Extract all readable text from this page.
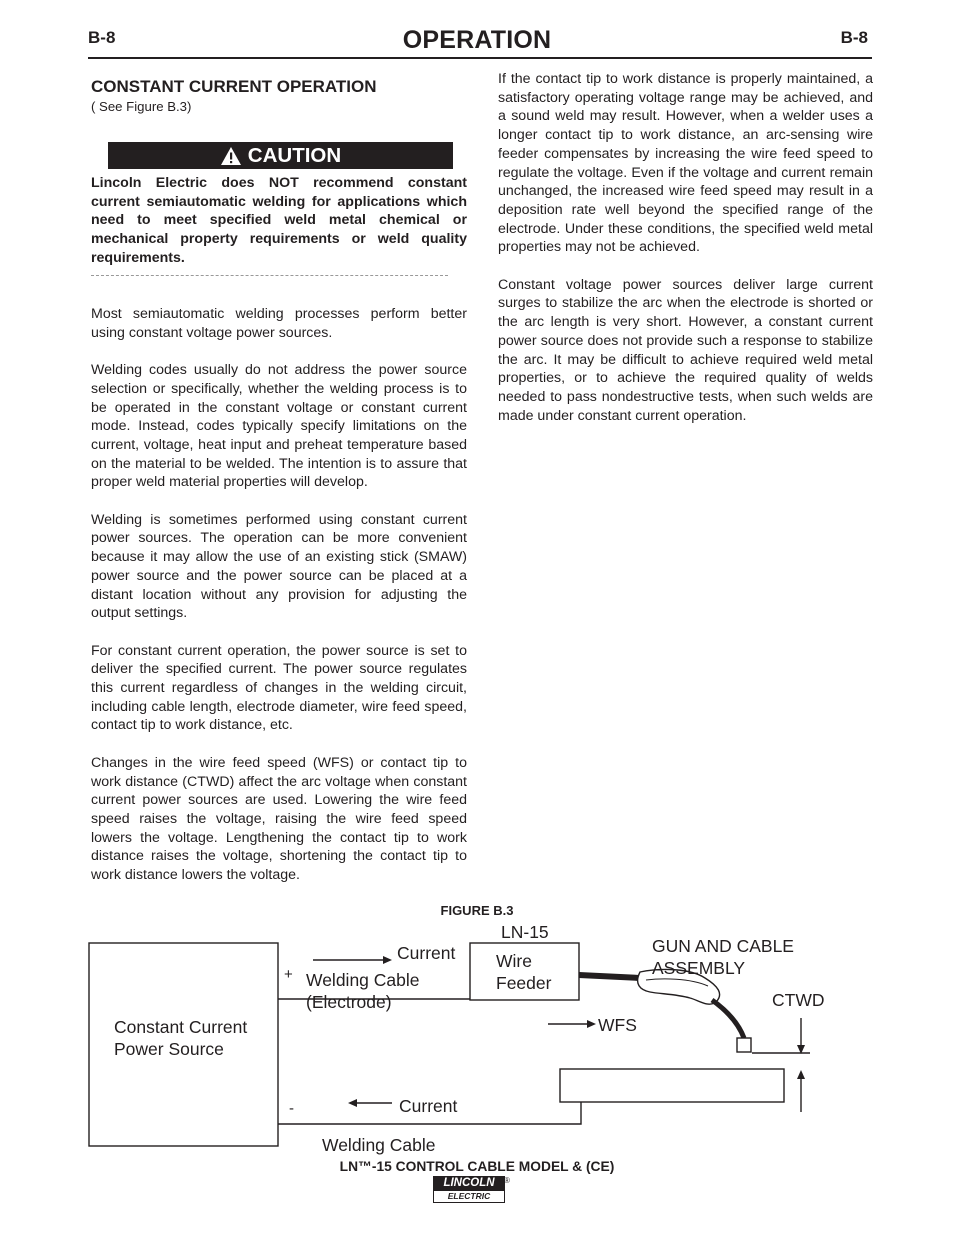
B-8	OPERATION	B-8
CONSTANT CURRENT OPERATION
( See Figure B.3)
CAUTION
Lincoln Electric does NOT recommend constant current semiautomatic welding for applications which need to meet specified weld metal chemical or mechanical property requirements or weld quality requirements.

Most semiautomatic welding processes perform better using constant voltage power sources.

Welding codes usually do not address the power source selection or specifically, whether the welding process is to be operated in the constant voltage or constant current mode. Instead, codes typically specify limitations on the current, voltage, heat input and preheat temperature based on the material to be welded. The intention is to assure that proper weld material properties will develop.

Welding is sometimes performed using constant current power sources. The operation can be more convenient because it may allow the use of an existing stick (SMAW) power source and the power source can be placed at a distant location without any provision for adjusting the output settings.

For constant current operation, the power source is set to deliver the specified current. The power source regulates this current regardless of changes in the welding circuit, including cable length, electrode diameter, wire feed speed, contact tip to work distance, etc.

Changes in the wire feed speed (WFS) or contact tip to work distance (CTWD) affect the arc voltage when constant current power sources are used. Lowering the wire feed speed raises the voltage, raising the wire feed speed lowers the voltage. Lengthening the contact tip to work distance raises the voltage, shortening the contact tip to work distance lowers the voltage.

If the contact tip to work distance is properly maintained, a satisfactory operating voltage range may be achieved, and a sound weld may result. However, when a welder uses a longer contact tip to work distance, an arc-sensing wire feeder compensates by increasing the wire feed speed to regulate the voltage. Even if the voltage and current remain unchanged, the increased wire feed speed may result in a deposition rate well beyond the specified range of the electrode. Under these conditions, the specified weld metal properties may not be achieved.

Constant voltage power sources deliver large current surges to stabilize the arc when the electrode is shorted or the arc length is very short. However, a constant current power source does not provide such a response to stabilize the arc. It may be difficult to achieve required weld metal properties, or to achieve the required quality of welds needed to pass nondestructive tests, when such welds are made under constant current operation.

FIGURE B.3
Constant Current
Power Source
Current
+ Welding Cable
(Electrode)
LN-15
Wire
Feeder
GUN AND CABLE
ASSEMBLY
CTWD
WFS
-	Current
Welding Cable
LN™-15 CONTROL CABLE MODEL & (CE)
LINCOLN
ELECTRIC
®
